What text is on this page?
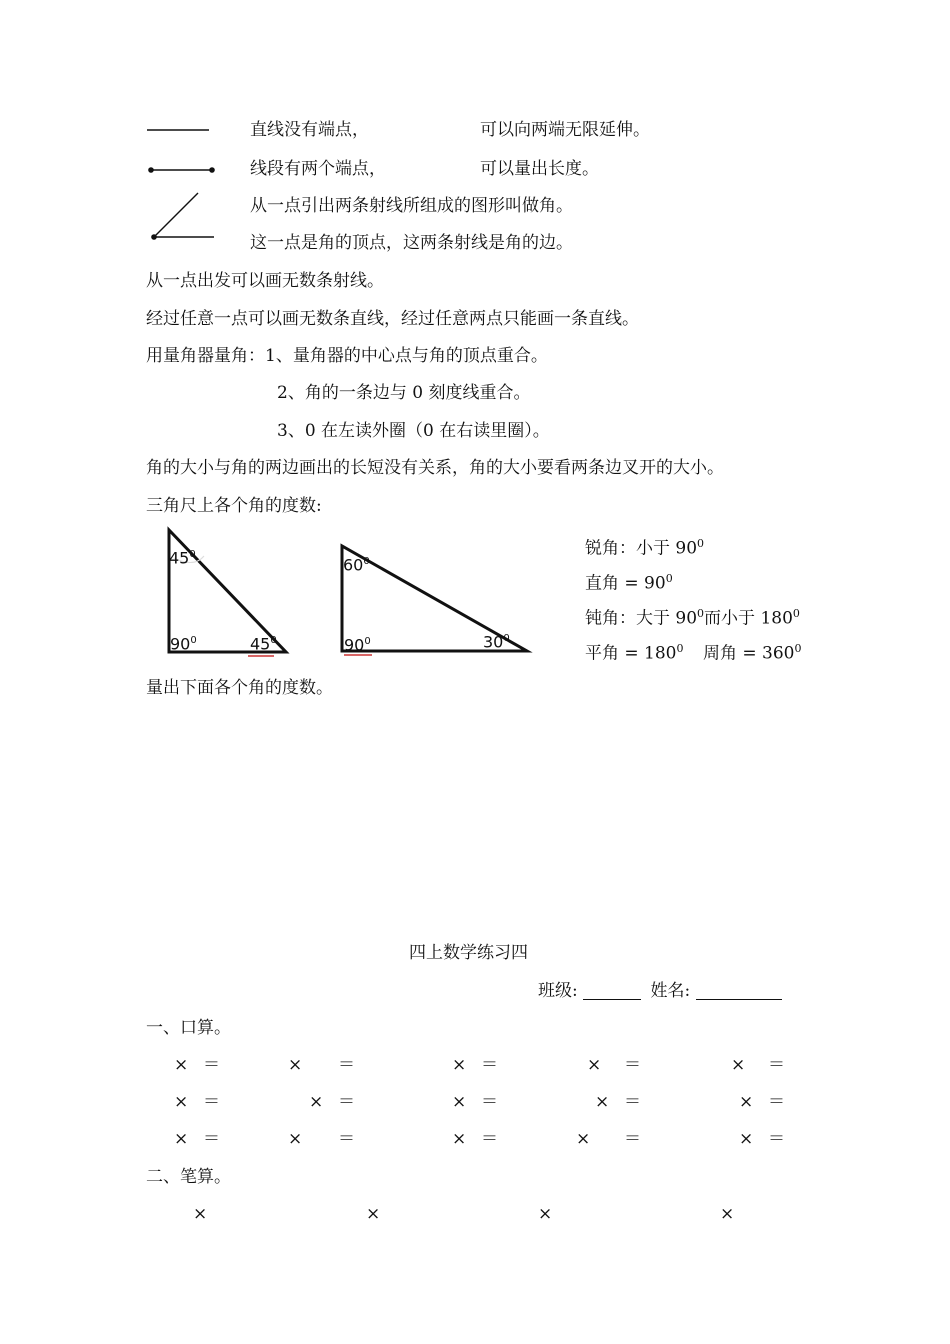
直线没有端点，	可以向两端无限延伸。
线段有两个端点，	可以量出长度。
从一点引出两条射线所组成的图形叫做角。
这一点是角的顶点，这两条射线是角的边。
从一点出发可以画无数条射线。
经过任意一点可以画无数条直线，经过任意两点只能画一条直线。
用量角器量角：1、量角器的中心点与角的顶点重合。
2、角的一条边与 0 刻度线重合。
3、0 在左读外圈（0 在右读里圈）。
角的大小与角的两边画出的长短没有关系，角的大小要看两条边叉开的大小。
三角尺上各个角的度数:
$45^0$
$90^0$	$45^0$
$60^0$
$90^0$	$30^0$
锐角：小于 $90^0$
直角 = $90^0$
钝角：大于 $90^0$而小于 $180^0$
平角 = $180^0$ 周角 = $360^0$
量出下面各个角的度数。
四上数学练习四
班级:	姓名:
一、口算。
× ＝	× ＝	× ＝	× ＝	× ＝
× ＝	× ＝	× ＝	× ＝	× ＝
× ＝	× ＝	× ＝	× ＝	× ＝
二、笔算。
×	×	×	×
